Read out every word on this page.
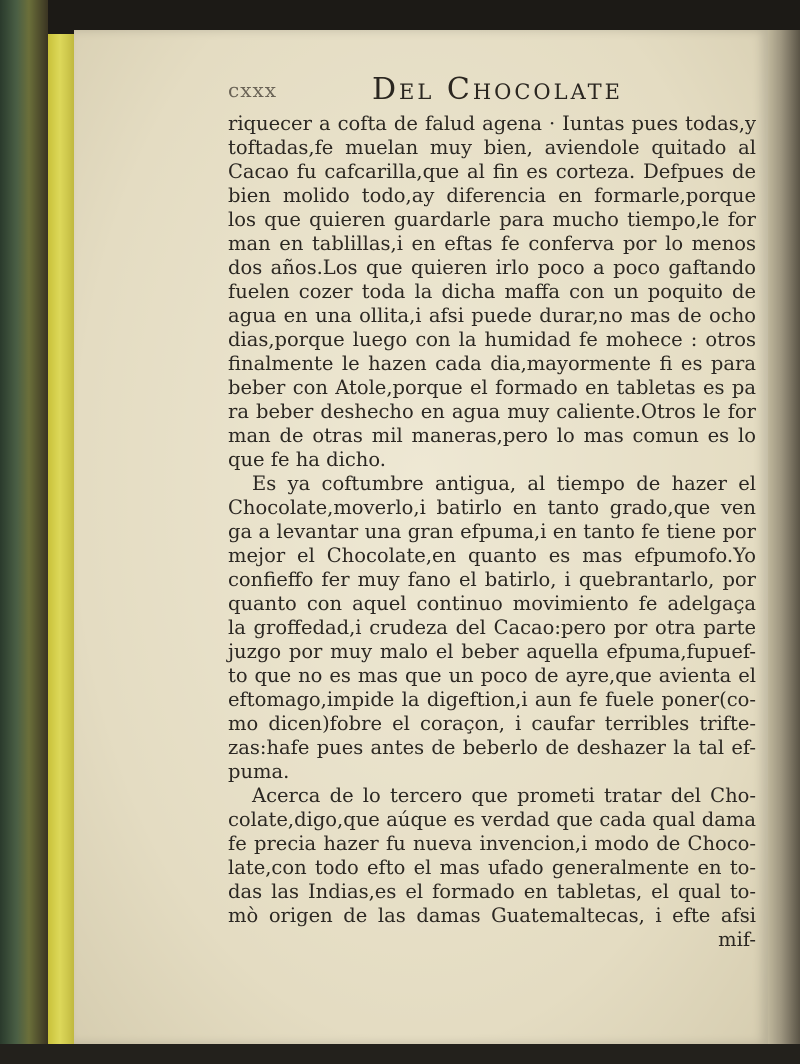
cxxx	Del Chocolate
riquecer a cofta de falud agena · Iuntas pues todas,y
toftadas,fe muelan muy bien, aviendole quitado al
Cacao fu cafcarilla,que al fin es corteza. Defpues de
bien molido todo,ay diferencia en formarle,porque
los que quieren guardarle para mucho tiempo,le for
man en tablillas,i en eftas fe conferva por lo menos
dos años.Los que quieren irlo poco a poco gaftando
fuelen cozer toda la dicha maffa con un poquito de
agua en una ollita,i afsi puede durar,no mas de ocho
dias,porque luego con la humidad fe mohece : otros
finalmente le hazen cada dia,mayormente fi es para
beber con Atole,porque el formado en tabletas es pa
ra beber deshecho en agua muy caliente.Otros le for
man de otras mil maneras,pero lo mas comun es lo
que fe ha dicho.
Es ya coftumbre antigua, al tiempo de hazer el
Chocolate,moverlo,i batirlo en tanto grado,que ven
ga a levantar una gran efpuma,i en tanto fe tiene por
mejor el Chocolate,en quanto es mas efpumofo.Yo
confieffo fer muy fano el batirlo, i quebrantarlo, por
quanto con aquel continuo movimiento fe adelgaça
la groffedad,i crudeza del Cacao:pero por otra parte
juzgo por muy malo el beber aquella efpuma,fupuef-
to que no es mas que un poco de ayre,que avienta el
eftomago,impide la digeftion,i aun fe fuele poner(co-
mo dicen)fobre el coraçon, i caufar terribles trifte-
zas:hafe pues antes de beberlo de deshazer la tal ef-
puma.
Acerca de lo tercero que prometi tratar del Cho-
colate,digo,que aúque es verdad que cada qual dama
fe precia hazer fu nueva invencion,i modo de Choco-
late,con todo efto el mas ufado generalmente en to-
das las Indias,es el formado en tabletas, el qual to-
mò origen de las damas Guatemaltecas, i efte afsi
mif-
